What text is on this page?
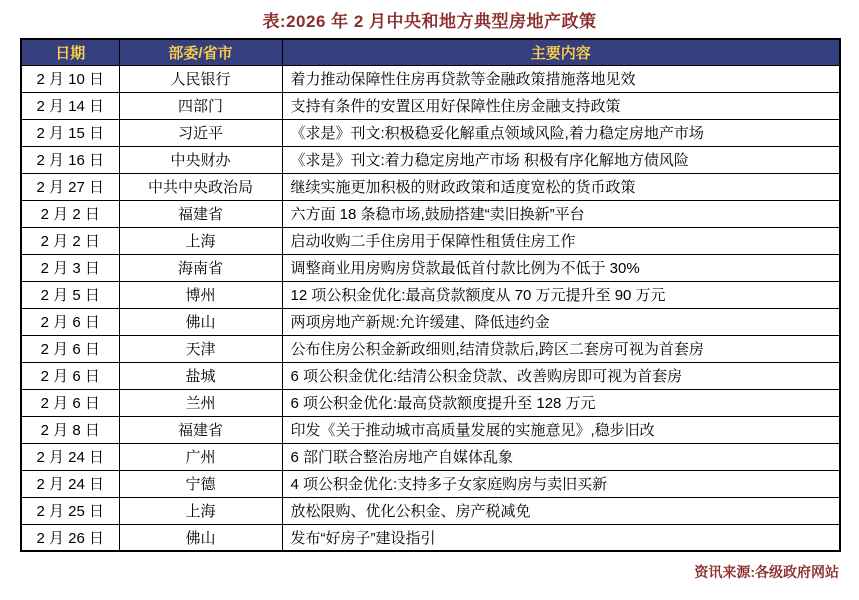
表:2026 年 2 月中央和地方典型房地产政策
日期	部委/省市	主要内容
2 月 10 日	人民银行	着力推动保障性住房再贷款等金融政策措施落地见效
2 月 14 日	四部门	支持有条件的安置区用好保障性住房金融支持政策
2 月 15 日	习近平	《求是》刊文:积极稳妥化解重点领域风险,着力稳定房地产市场
2 月 16 日	中央财办	《求是》刊文:着力稳定房地产市场 积极有序化解地方债风险
2 月 27 日	中共中央政治局	继续实施更加积极的财政政策和适度宽松的货币政策
2 月 2 日	福建省	六方面 18 条稳市场,鼓励搭建“卖旧换新”平台
2 月 2 日	上海	启动收购二手住房用于保障性租赁住房工作
2 月 3 日	海南省	调整商业用房购房贷款最低首付款比例为不低于 30%
2 月 5 日	博州	12 项公积金优化:最高贷款额度从 70 万元提升至 90 万元
2 月 6 日	佛山	两项房地产新规:允许缓建、降低违约金
2 月 6 日	天津	公布住房公积金新政细则,结清贷款后,跨区二套房可视为首套房
2 月 6 日	盐城	6 项公积金优化:结清公积金贷款、改善购房即可视为首套房
2 月 6 日	兰州	6 项公积金优化:最高贷款额度提升至 128 万元
2 月 8 日	福建省	印发《关于推动城市高质量发展的实施意见》,稳步旧改
2 月 24 日	广州	6 部门联合整治房地产自媒体乱象
2 月 24 日	宁德	4 项公积金优化:支持多子女家庭购房与卖旧买新
2 月 25 日	上海	放松限购、优化公积金、房产税减免
2 月 26 日	佛山	发布“好房子”建设指引
资讯来源:各级政府网站
